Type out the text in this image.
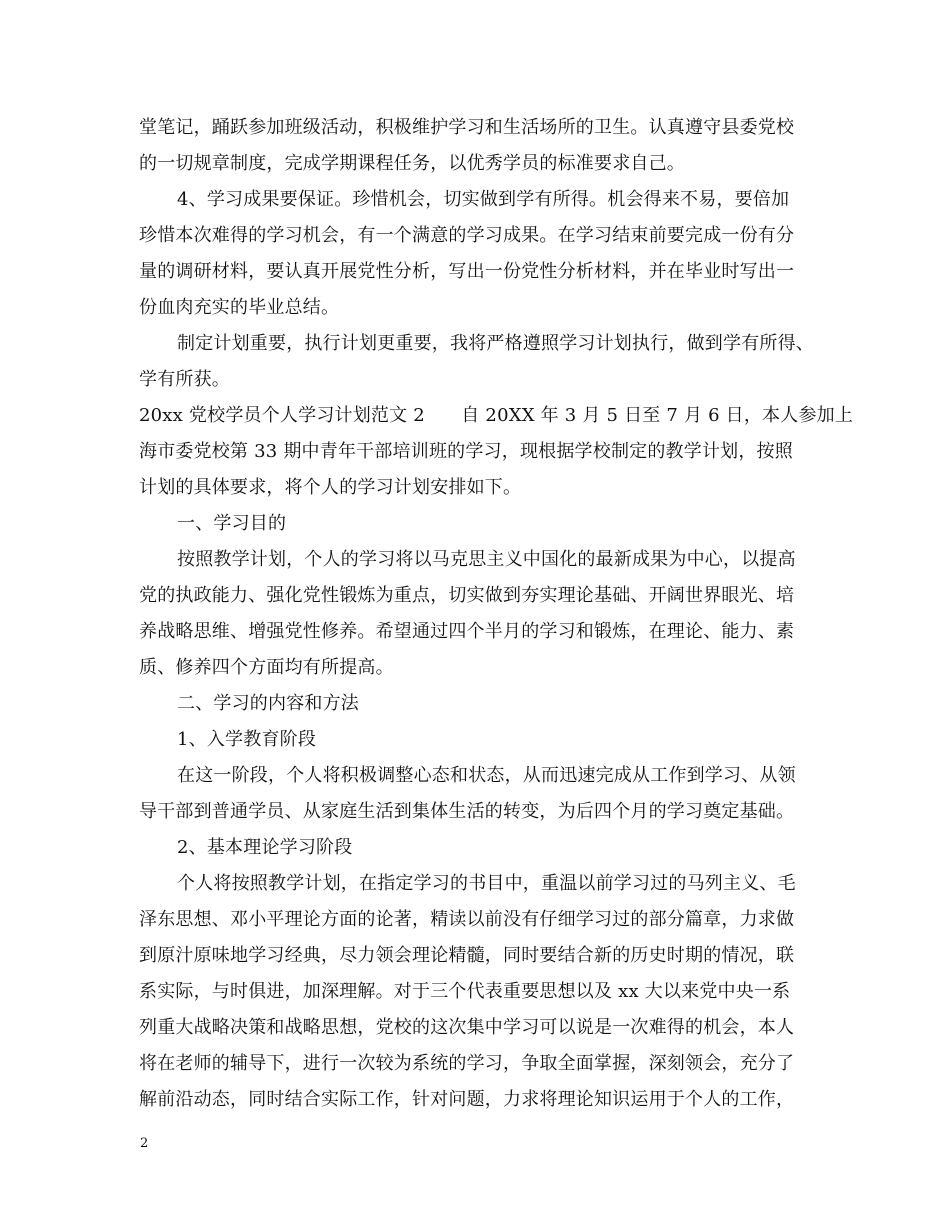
堂笔记，踊跃参加班级活动，积极维护学习和生活场所的卫生。认真遵守县委党校
的一切规章制度，完成学期课程任务，以优秀学员的标准要求自己。
4、学习成果要保证。珍惜机会，切实做到学有所得。机会得来不易，要倍加
珍惜本次难得的学习机会，有一个满意的学习成果。在学习结束前要完成一份有分
量的调研材料，要认真开展党性分析，写出一份党性分析材料，并在毕业时写出一
份血肉充实的毕业总结。
制定计划重要，执行计划更重要，我将严格遵照学习计划执行，做到学有所得、
学有所获。
20xx 党校学员个人学习计划范文 2　　自 20XX 年 3 月 5 日至 7 月 6 日，本人参加上
海市委党校第 33 期中青年干部培训班的学习，现根据学校制定的教学计划，按照
计划的具体要求，将个人的学习计划安排如下。
一、学习目的
按照教学计划，个人的学习将以马克思主义中国化的最新成果为中心，以提高
党的执政能力、强化党性锻炼为重点，切实做到夯实理论基础、开阔世界眼光、培
养战略思维、增强党性修养。希望通过四个半月的学习和锻炼，在理论、能力、素
质、修养四个方面均有所提高。
二、学习的内容和方法
1、入学教育阶段
在这一阶段，个人将积极调整心态和状态，从而迅速完成从工作到学习、从领
导干部到普通学员、从家庭生活到集体生活的转变，为后四个月的学习奠定基础。
2、基本理论学习阶段
个人将按照教学计划，在指定学习的书目中，重温以前学习过的马列主义、毛
泽东思想、邓小平理论方面的论著，精读以前没有仔细学习过的部分篇章，力求做
到原汁原味地学习经典，尽力领会理论精髓，同时要结合新的历史时期的情况，联
系实际，与时俱进，加深理解。对于三个代表重要思想以及 xx 大以来党中央一系
列重大战略决策和战略思想，党校的这次集中学习可以说是一次难得的机会，本人
将在老师的辅导下，进行一次较为系统的学习，争取全面掌握，深刻领会，充分了
解前沿动态，同时结合实际工作，针对问题，力求将理论知识运用于个人的工作，
2
